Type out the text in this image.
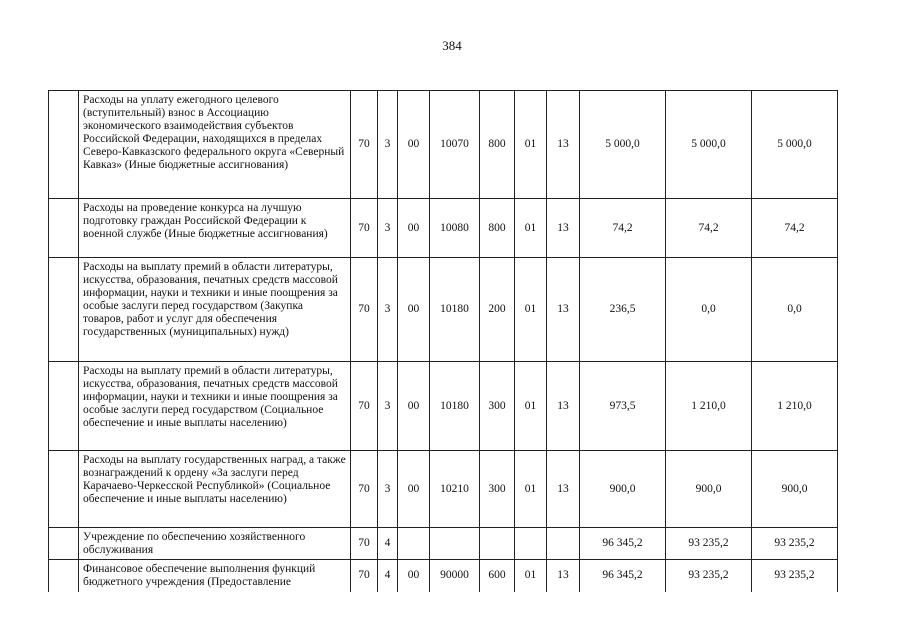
384
	Расходы на уплату ежегодного целевого (вступительный) взнос в Ассоциацию экономического взаимодействия субъектов Российской Федерации, находящихся в пределах Северо-Кавказского федерального округа «Северный Кавказ» (Иные бюджетные ассигнования)	70	3	00	10070	800	01	13	5 000,0	5 000,0	5 000,0
	Расходы на проведение конкурса на лучшую подготовку граждан Российской Федерации к военной службе (Иные бюджетные ассигнования)	70	3	00	10080	800	01	13	74,2	74,2	74,2
	Расходы на выплату премий в области литературы, искусства, образования, печатных средств массовой информации, науки и техники и иные поощрения за особые заслуги перед государством (Закупка товаров, работ и услуг для обеспечения государственных (муниципальных) нужд)	70	3	00	10180	200	01	13	236,5	0,0	0,0
	Расходы на выплату премий в области литературы, искусства, образования, печатных средств массовой информации, науки и техники и иные поощрения за особые заслуги перед государством (Социальное обеспечение и иные выплаты населению)	70	3	00	10180	300	01	13	973,5	1 210,0	1 210,0
	Расходы на выплату государственных наград, а также вознаграждений к ордену «За заслуги перед Карачаево-Черкесской Республикой» (Социальное обеспечение и иные выплаты населению)	70	3	00	10210	300	01	13	900,0	900,0	900,0
	Учреждение по обеспечению хозяйственного обслуживания	70	4						96 345,2	93 235,2	93 235,2
	Финансовое обеспечение выполнения функций бюджетного учреждения (Предоставление	70	4	00	90000	600	01	13	96 345,2	93 235,2	93 235,2
